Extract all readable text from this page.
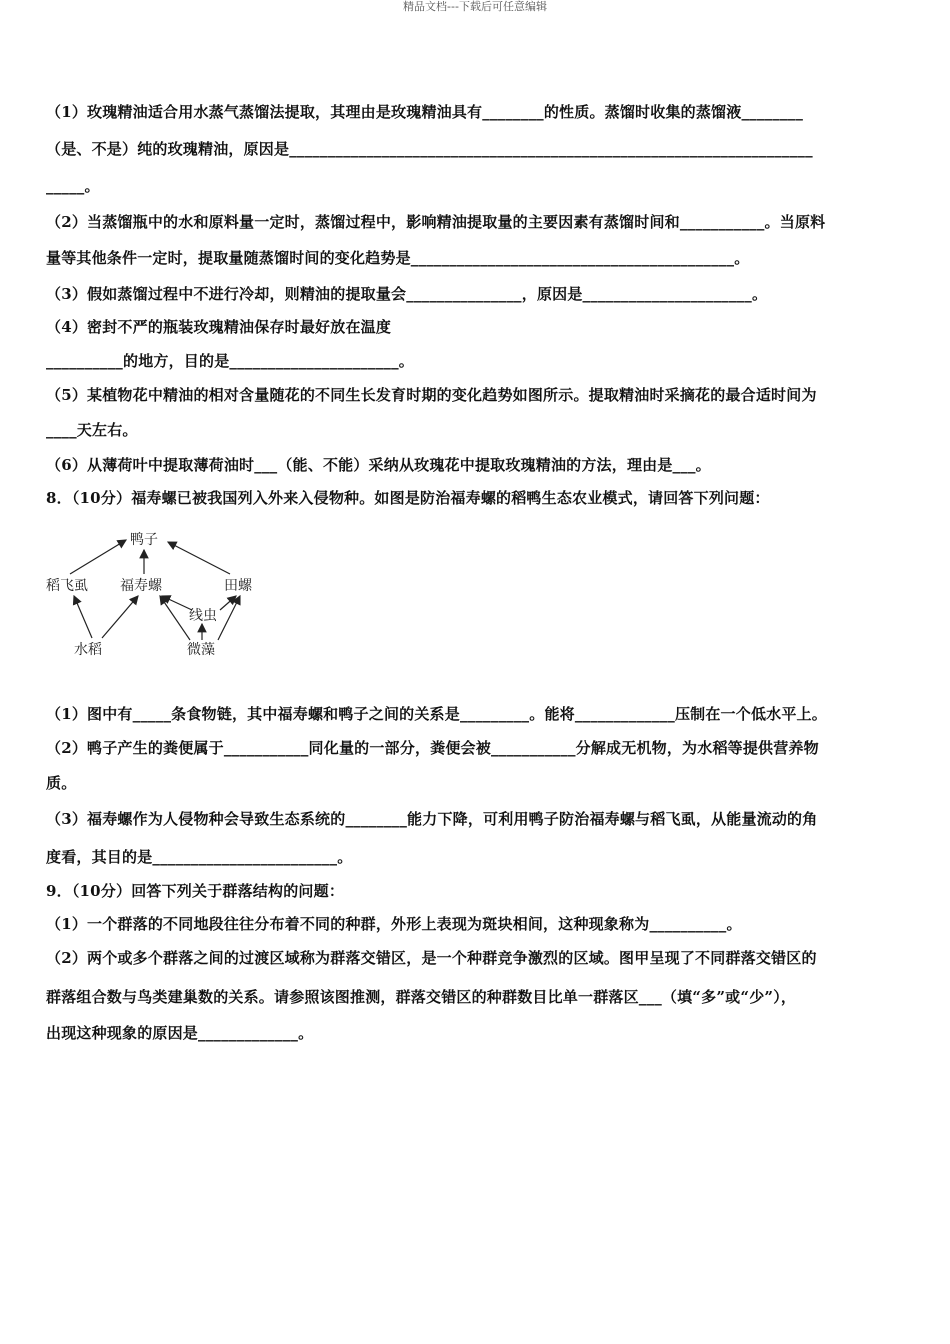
精品文档---下载后可任意编辑
（1）玫瑰精油适合用水蒸气蒸馏法提取，其理由是玫瑰精油具有________的性质。蒸馏时收集的蒸馏液________
（是、不是）纯的玫瑰精油，原因是____________________________________________________________________
_____。
（2）当蒸馏瓶中的水和原料量一定时，蒸馏过程中，影响精油提取量的主要因素有蒸馏时间和___________。当原料
量等其他条件一定时，提取量随蒸馏时间的变化趋势是__________________________________________。
（3）假如蒸馏过程中不进行冷却，则精油的提取量会_______________，原因是______________________。
（4）密封不严的瓶装玫瑰精油保存时最好放在温度
__________的地方，目的是______________________。
（5）某植物花中精油的相对含量随花的不同生长发育时期的变化趋势如图所示。提取精油时采摘花的最合适时间为
____天左右。
（6）从薄荷叶中提取薄荷油时___（能、不能）采纳从玫瑰花中提取玫瑰精油的方法，理由是___。
8．（10分）福寿螺已被我国列入外来入侵物种。如图是防治福寿螺的稻鸭生态农业模式，请回答下列问题：
鸭子
稻飞虱 福寿螺	田螺
线虫
水稻	微藻
（1）图中有_____条食物链，其中福寿螺和鸭子之间的关系是_________。能将_____________压制在一个低水平上。
（2）鸭子产生的粪便属于___________同化量的一部分，粪便会被___________分解成无机物，为水稻等提供营养物
质。
（3）福寿螺作为人侵物种会导致生态系统的________能力下降，可利用鸭子防治福寿螺与稻飞虱，从能量流动的角
度看，其目的是________________________。
9．（10分）回答下列关于群落结构的问题：
（1）一个群落的不同地段往往分布着不同的种群，外形上表现为斑块相间，这种现象称为__________。
（2）两个或多个群落之间的过渡区域称为群落交错区，是一个种群竞争激烈的区域。图甲呈现了不同群落交错区的
群落组合数与鸟类建巢数的关系。请参照该图推测，群落交错区的种群数目比单一群落区___（填“多”或“少”），
出现这种现象的原因是_____________。
